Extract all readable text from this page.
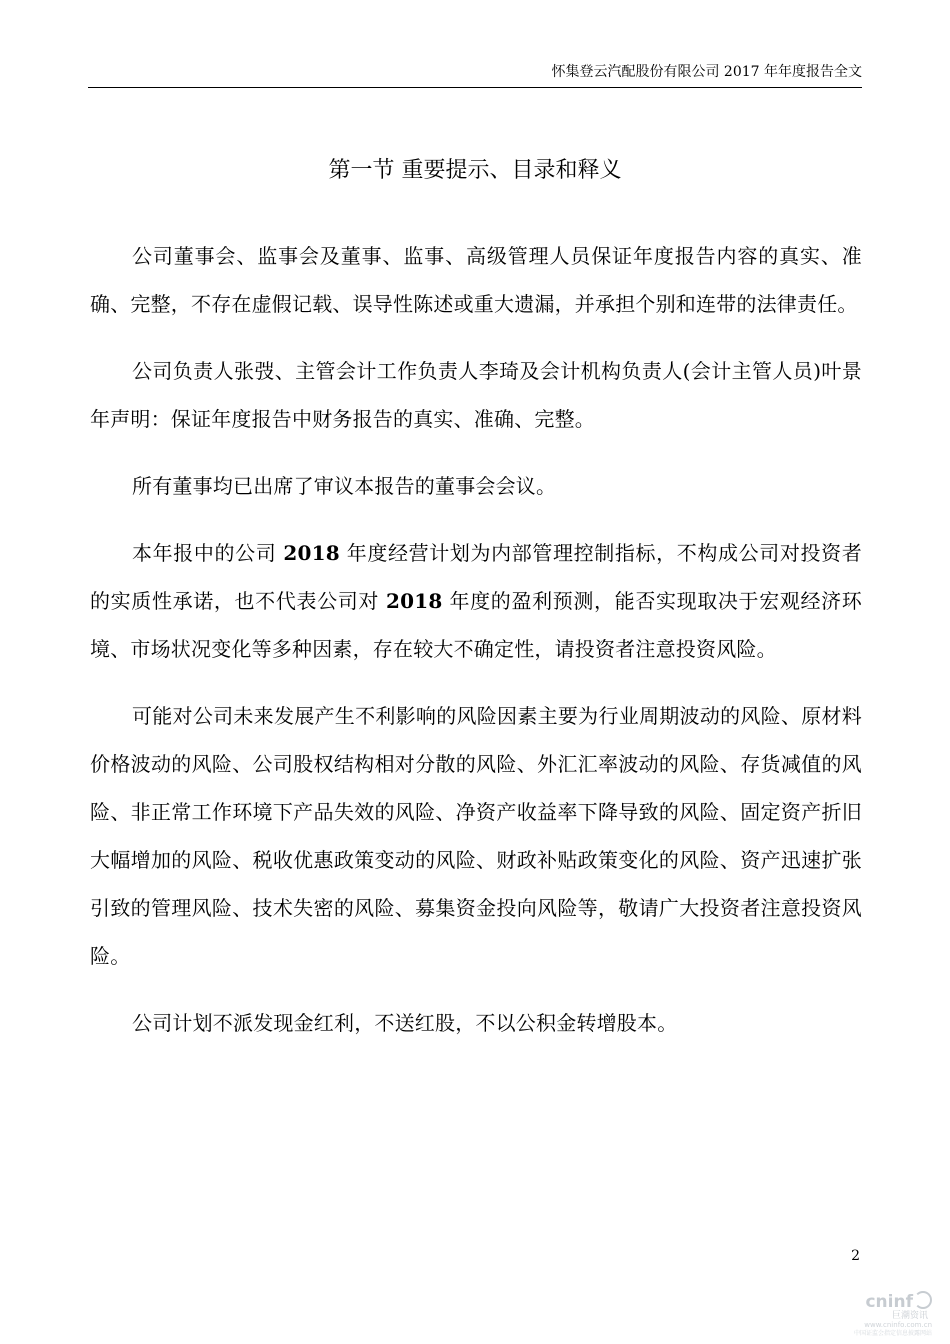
怀集登云汽配股份有限公司 2017 年年度报告全文
第一节 重要提示、目录和释义

公司董事会、监事会及董事、监事、高级管理人员保证年度报告内容的真实、准确、完整，不存在虚假记载、误导性陈述或重大遗漏，并承担个别和连带的法律责任。

公司负责人张弢、主管会计工作负责人李琦及会计机构负责人(会计主管人员)叶景年声明：保证年度报告中财务报告的真实、准确、完整。

所有董事均已出席了审议本报告的董事会会议。

本年报中的公司 2018 年度经营计划为内部管理控制指标，不构成公司对投资者的实质性承诺，也不代表公司对 2018 年度的盈利预测，能否实现取决于宏观经济环境、市场状况变化等多种因素，存在较大不确定性，请投资者注意投资风险。

可能对公司未来发展产生不利影响的风险因素主要为行业周期波动的风险、原材料价格波动的风险、公司股权结构相对分散的风险、外汇汇率波动的风险、存货减值的风险、非正常工作环境下产品失效的风险、净资产收益率下降导致的风险、固定资产折旧大幅增加的风险、税收优惠政策变动的风险、财政补贴政策变化的风险、资产迅速扩张引致的管理风险、技术失密的风险、募集资金投向风险等，敬请广大投资者注意投资风险。

公司计划不派发现金红利，不送红股，不以公积金转增股本。

2
cninf
巨潮资讯
www.cninfo.com.cn
中国证监会指定信息披露网站
